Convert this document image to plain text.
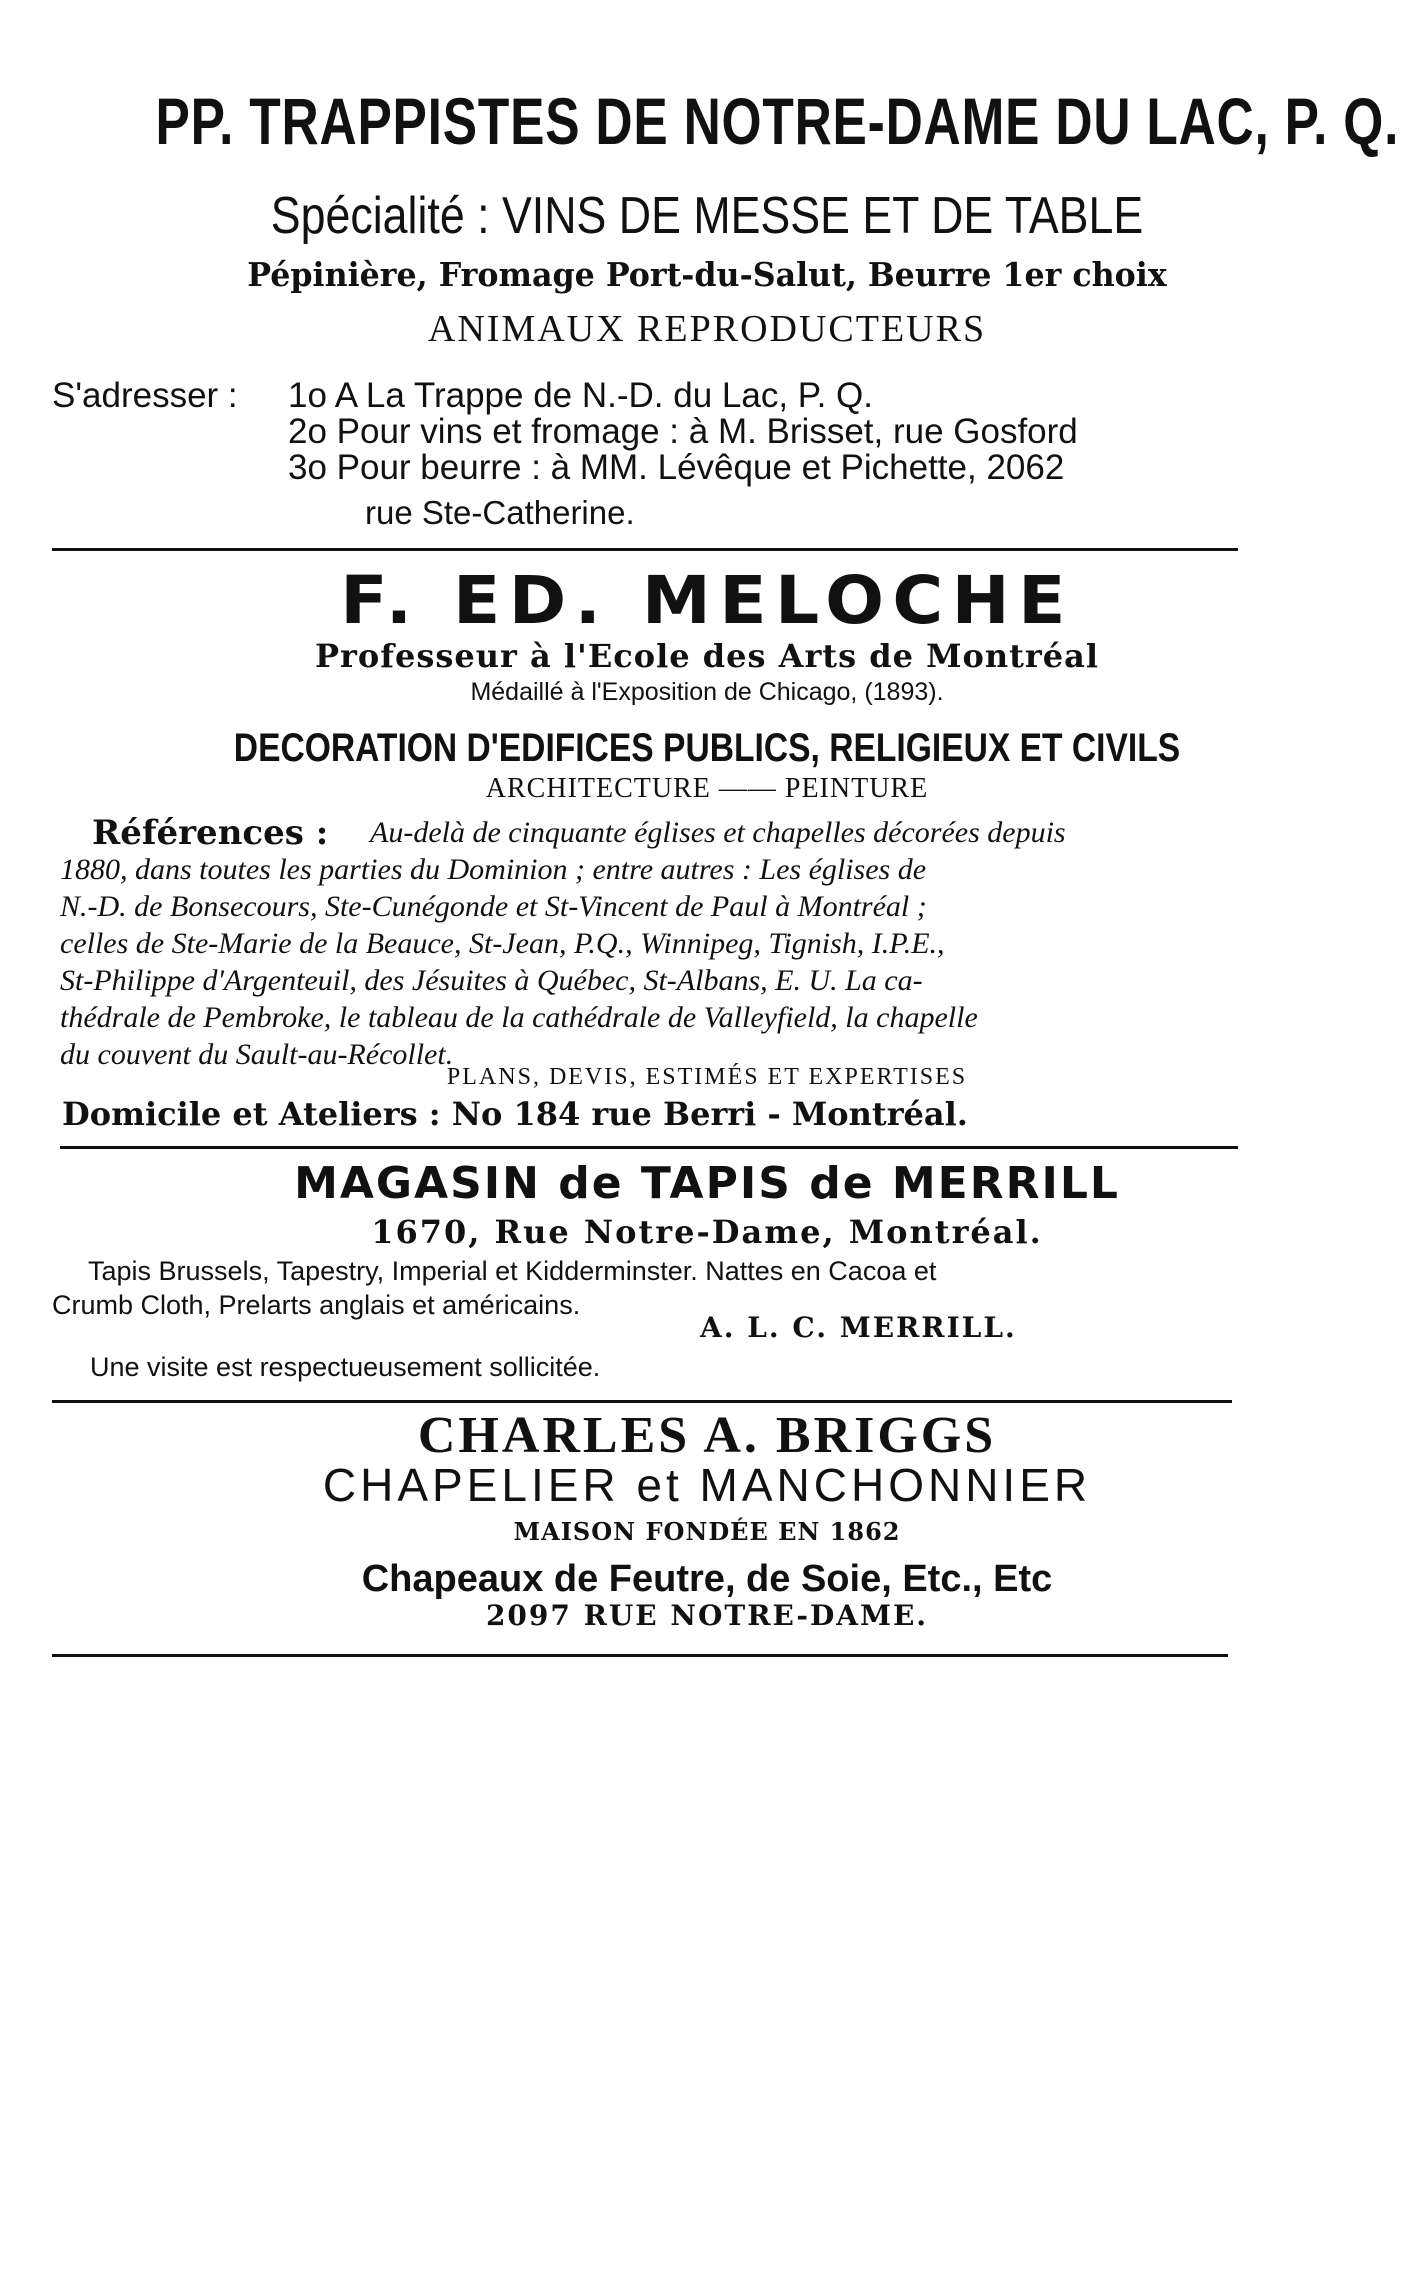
PP. TRAPPISTES DE NOTRE-DAME DU LAC, P. Q.
Spécialité : VINS DE MESSE ET DE TABLE
Pépinière, Fromage Port-du-Salut, Beurre 1er choix
ANIMAUX REPRODUCTEURS
S'adresser : 1o A La Trappe de N.-D. du Lac, P. Q.
2o Pour vins et fromage : à M. Brisset, rue Gosford
3o Pour beurre : à MM. Lévêque et Pichette, 2062
rue Ste-Catherine.
F. ED. MELOCHE
Professeur à l'Ecole des Arts de Montréal
Médaillé à l'Exposition de Chicago, (1893).
DECORATION D'EDIFICES PUBLICS, RELIGIEUX ET CIVILS
ARCHITECTURE —— PEINTURE
Références : Au-delà de cinquante églises et chapelles décorées depuis
1880, dans toutes les parties du Dominion ; entre autres : Les églises de
N.-D. de Bonsecours, Ste-Cunégonde et St-Vincent de Paul à Montréal ;
celles de Ste-Marie de la Beauce, St-Jean, P.Q., Winnipeg, Tignish, I.P.E.,
St-Philippe d'Argenteuil, des Jésuites à Québec, St-Albans, E. U. La ca-
thédrale de Pembroke, le tableau de la cathédrale de Valleyfield, la chapelle
du couvent du Sault-au-Récollet.
PLANS, DEVIS, ESTIMÉS ET EXPERTISES
Domicile et Ateliers : No 184 rue Berri - Montréal.
MAGASIN de TAPIS de MERRILL
1670, Rue Notre-Dame, Montréal.
Tapis Brussels, Tapestry, Imperial et Kidderminster. Nattes en Cacoa et
Crumb Cloth, Prelarts anglais et américains.
A. L. C. MERRILL.
Une visite est respectueusement sollicitée.
CHARLES A. BRIGGS
CHAPELIER et MANCHONNIER
MAISON FONDÉE EN 1862
Chapeaux de Feutre, de Soie, Etc., Etc
2097 RUE NOTRE-DAME.
